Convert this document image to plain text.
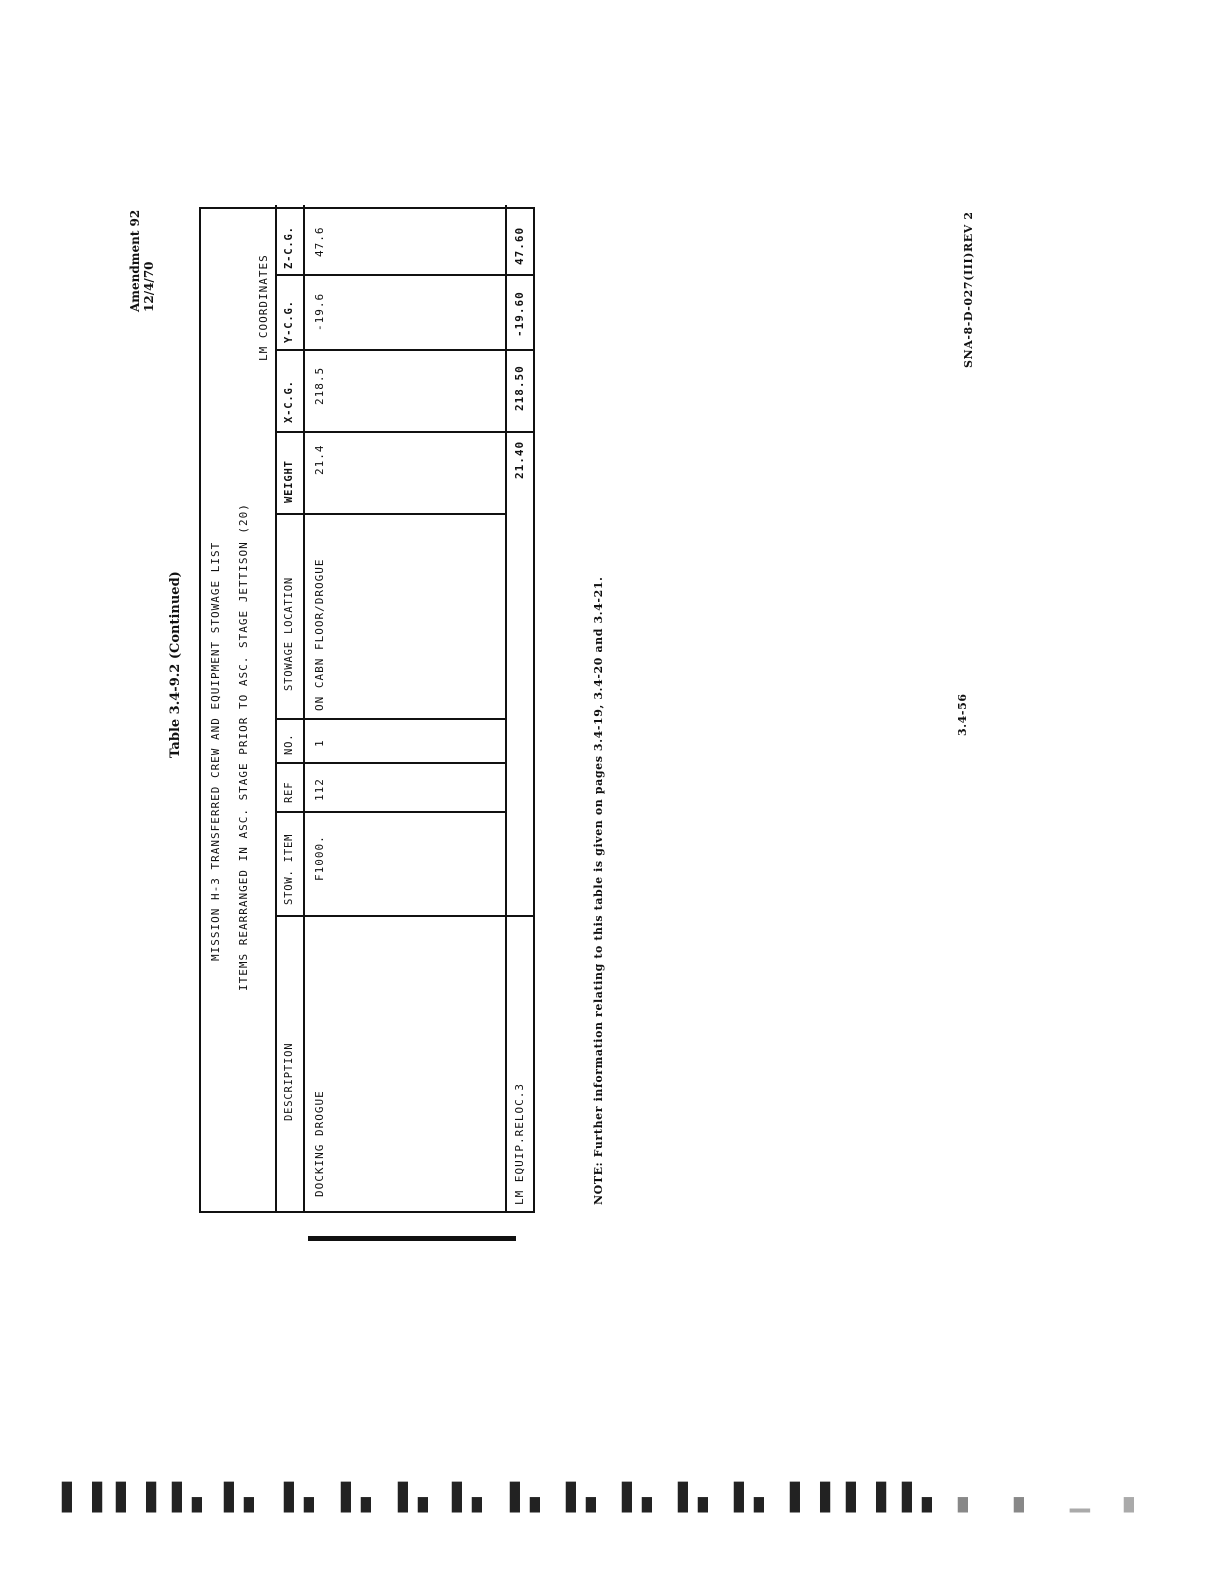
Amendment 92 12/4/70
Table 3.4-9.2 (Continued) MISSION H-3 TRANSFERRED CREW AND EQUIPMENT STOWAGE LIST ITEMS REARRANGED IN ASC. STAGE PRIOR TO ASC. STAGE JETTISON (20)
LM COORDINATES
DESCRIPTION
STOW. ITEM
REF
NO.
STOWAGE LOCATION
WEIGHT
X-C.G.
Y-C.G.
Z-C.G.
DOCKING DROGUE
F1000.
112
1
ON CABN FLOOR/DROGUE
21.4
218.5
-19.6
47.6
LM EQUIP.RELOC.3
21.40
218.50
-19.60
47.60
NOTE: Further information relating to this table is given on pages 3.4-19, 3.4-20 and 3.4-21.	3.4-56
SNA-8-D-027(III)REV 2
▌▐ ▌▐ ▌▖ ▌▖ ▌▖ ▌▖ ▌▖ ▌▖ ▌▖ ▌▖ ▌▖ ▌▖ ▌▖ ▌▐ ▌▐ ▌▖ ▖ ▖ ▁ ▖
